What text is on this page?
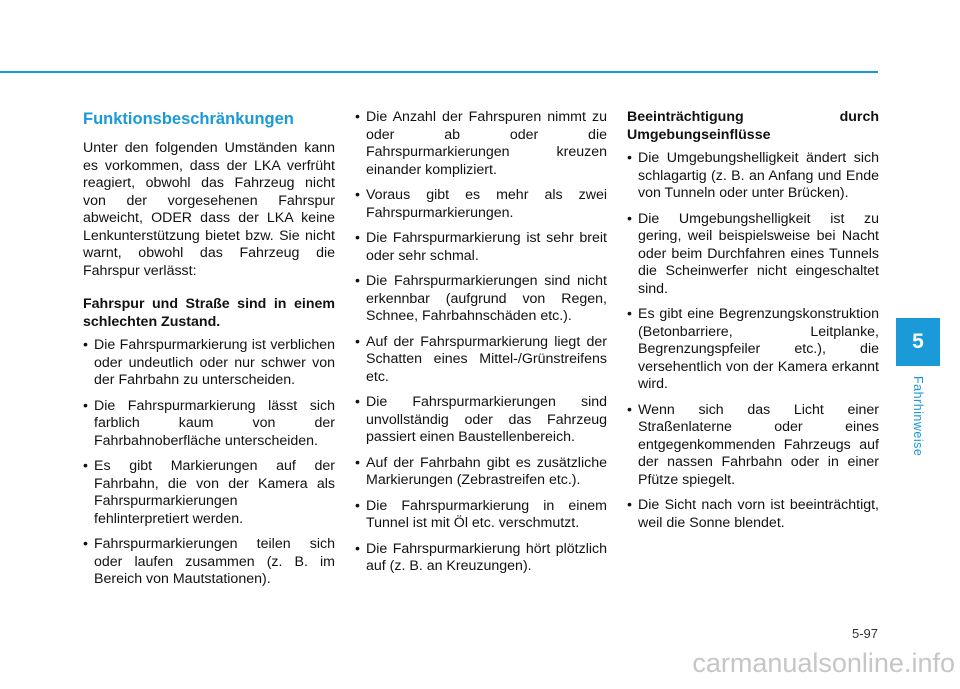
Funktionsbeschränkungen
Unter den folgenden Umständen kann es vorkommen, dass der LKA verfrüht reagiert, obwohl das Fahrzeug nicht von der vorgesehenen Fahrspur abweicht, ODER dass der LKA keine Lenkunterstützung bietet bzw. Sie nicht warnt, obwohl das Fahrzeug die Fahrspur verlässt:
Fahrspur und Straße sind in einem schlechten Zustand.
• Die Fahrspurmarkierung ist verblichen oder undeutlich oder nur schwer von der Fahrbahn zu unterscheiden.
• Die Fahrspurmarkierung lässt sich farblich kaum von der Fahrbahnoberfläche unterscheiden.
• Es gibt Markierungen auf der Fahrbahn, die von der Kamera als Fahrspurmarkierungen fehlinterpretiert werden.
• Fahrspurmarkierungen teilen sich oder laufen zusammen (z. B. im Bereich von Mautstationen).
• Die Anzahl der Fahrspuren nimmt zu oder ab oder die Fahrspurmarkierungen kreuzen einander kompliziert.
• Voraus gibt es mehr als zwei Fahrspurmarkierungen.
• Die Fahrspurmarkierung ist sehr breit oder sehr schmal.
• Die Fahrspurmarkierungen sind nicht erkennbar (aufgrund von Regen, Schnee, Fahrbahnschäden etc.).
• Auf der Fahrspurmarkierung liegt der Schatten eines Mittel-/Grünstreifens etc.
• Die Fahrspurmarkierungen sind unvollständig oder das Fahrzeug passiert einen Baustellenbereich.
• Auf der Fahrbahn gibt es zusätzliche Markierungen (Zebrastreifen etc.).
• Die Fahrspurmarkierung in einem Tunnel ist mit Öl etc. verschmutzt.
• Die Fahrspurmarkierung hört plötzlich auf (z. B. an Kreuzungen).
Beeinträchtigung durch Umgebungseinflüsse
• Die Umgebungshelligkeit ändert sich schlagartig (z. B. an Anfang und Ende von Tunneln oder unter Brücken).
• Die Umgebungshelligkeit ist zu gering, weil beispielsweise bei Nacht oder beim Durchfahren eines Tunnels die Scheinwerfer nicht eingeschaltet sind.
• Es gibt eine Begrenzungskonstruktion (Betonbarriere, Leitplanke, Begrenzungspfeiler etc.), die versehentlich von der Kamera erkannt wird.
• Wenn sich das Licht einer Straßenlaterne oder eines entgegenkommenden Fahrzeugs auf der nassen Fahrbahn oder in einer Pfütze spiegelt.
• Die Sicht nach vorn ist beeinträchtigt, weil die Sonne blendet.
5
Fahrhinweise
5-97
carmanualsonline.info
